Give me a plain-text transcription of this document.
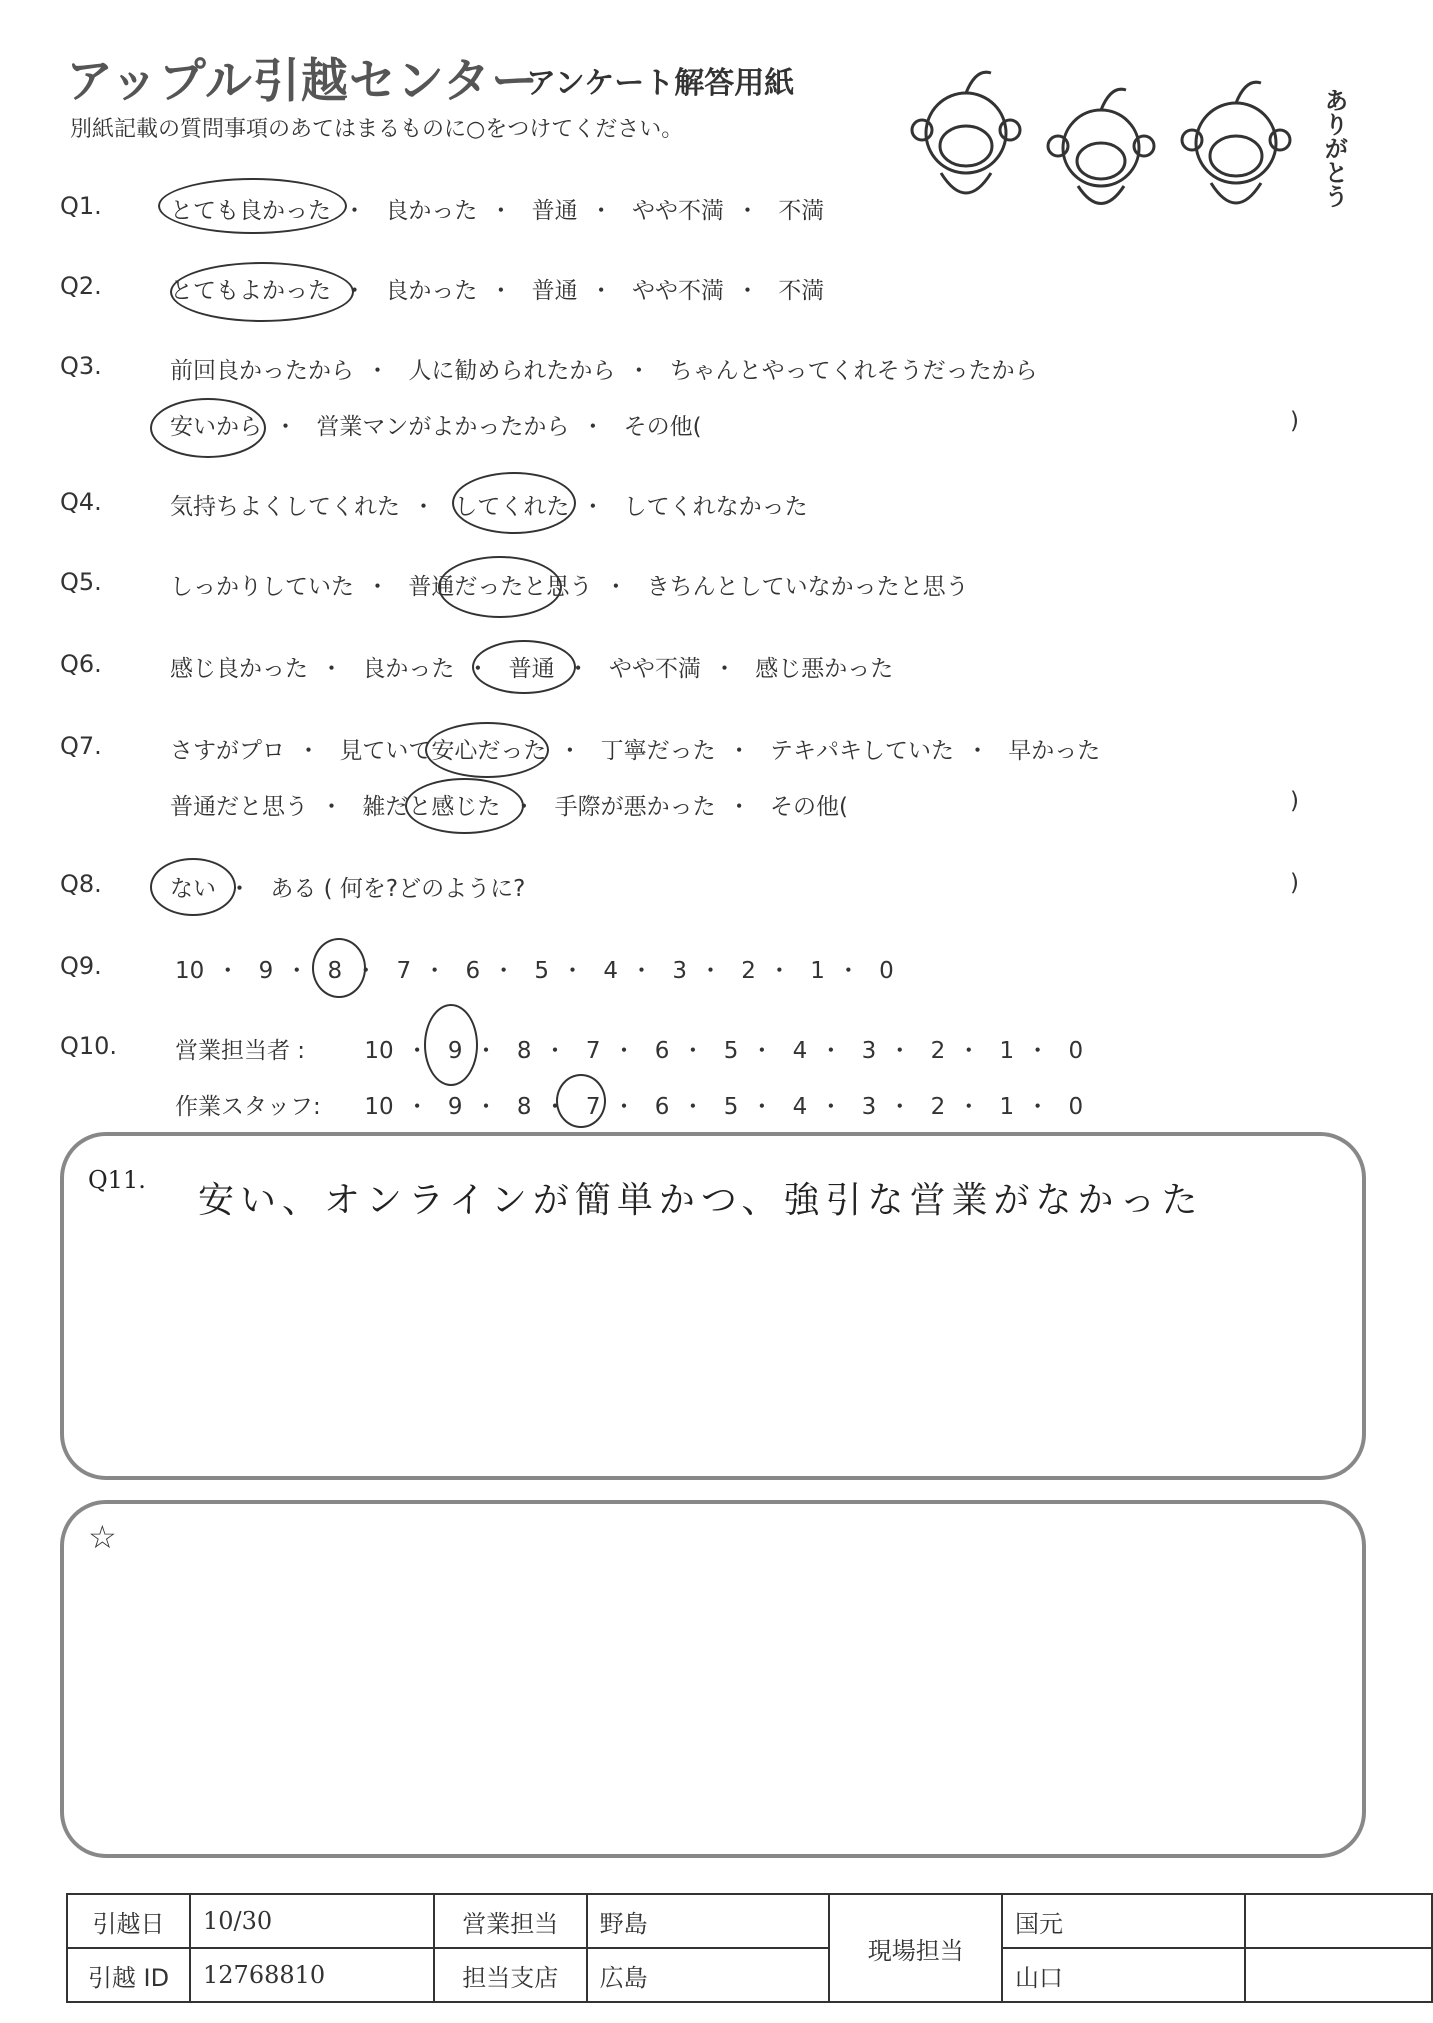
アップル引越センター
アンケート解答用紙
別紙記載の質問事項のあてはまるものに○をつけてください。	ありがとう
Q1.	とても良かった ・ 良かった ・ 普通 ・ やや不満 ・ 不満
Q2.	とてもよかった ・ 良かった ・ 普通 ・ やや不満 ・ 不満
Q3.	前回良かったから ・ 人に勧められたから ・ ちゃんとやってくれそうだったから
安いから ・ 営業マンがよかったから ・ その他(	)
Q4.	気持ちよくしてくれた ・ してくれた ・ してくれなかった
Q5.	しっかりしていた ・ 普通だったと思う ・ きちんとしていなかったと思う
Q6.	感じ良かった ・ 良かった ・ 普通 ・ やや不満 ・ 感じ悪かった
Q7.	さすがプロ ・ 見ていて安心だった ・ 丁寧だった ・ テキパキしていた ・ 早かった
普通だと思う ・ 雑だと感じた ・ 手際が悪かった ・ その他(	)
Q8.	ない ・ ある ( 何を?どのように?	)
Q9.	10 ・ 9 ・ 8 ・ 7 ・ 6 ・ 5 ・ 4 ・ 3 ・ 2 ・ 1 ・ 0
Q10.	営業担当者 :	10 ・ 9 ・ 8 ・ 7 ・ 6 ・ 5 ・ 4 ・ 3 ・ 2 ・ 1 ・ 0
作業スタッフ: 10 ・ 9 ・ 8 ・ 7 ・ 6 ・ 5 ・ 4 ・ 3 ・ 2 ・ 1 ・ 0
Q11. 安い、オンラインが簡単かつ、強引な営業がなかった
☆
引越日	10/30	営業担当	野島	現場担当	国元	
引越 ID	12768810	担当支店	広島		山口	
